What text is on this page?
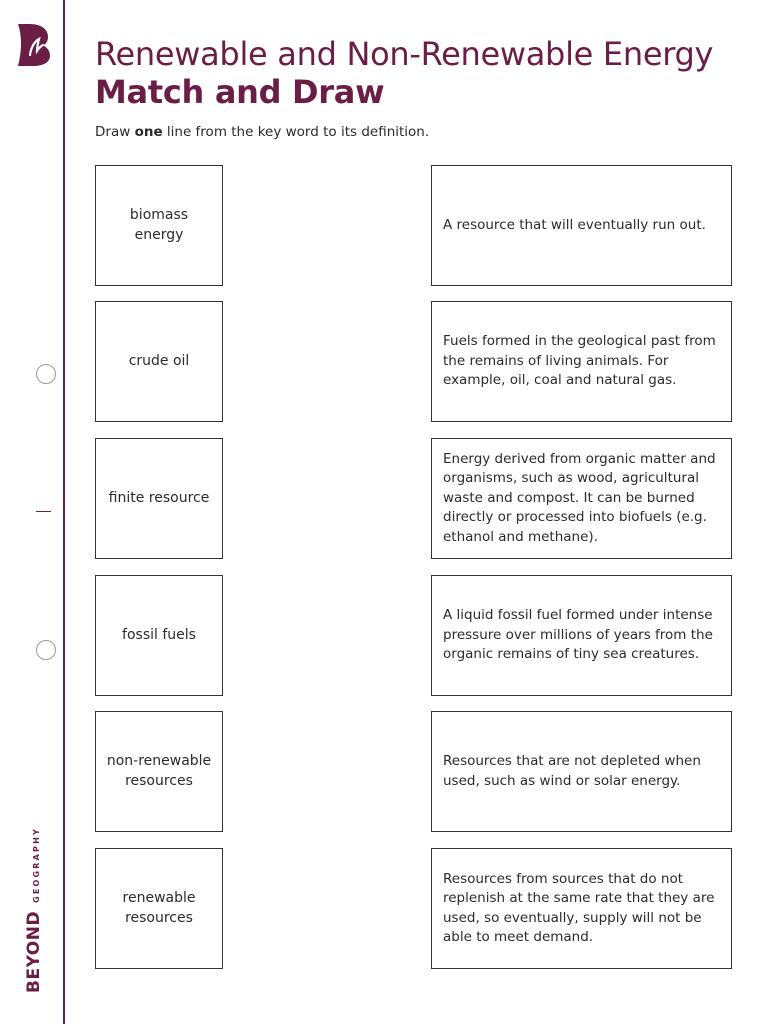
BEYOND
GEOGRAPHY
Renewable and Non-Renewable Energy
Match and Draw

Draw one line from the key word to its definition.

biomass energy
crude oil
finite resource
fossil fuels
non-renewable resources
renewable resources
A resource that will eventually run out.
Fuels formed in the geological past from the remains of living animals. For example, oil, coal and natural gas.
Energy derived from organic matter and organisms, such as wood, agricultural waste and compost. It can be burned directly or processed into biofuels (e.g. ethanol and methane).
A liquid fossil fuel formed under intense pressure over millions of years from the organic remains of tiny sea creatures.
Resources that are not depleted when used, such as wind or solar energy.
Resources from sources that do not replenish at the same rate that they are used, so eventually, supply will not be able to meet demand.
